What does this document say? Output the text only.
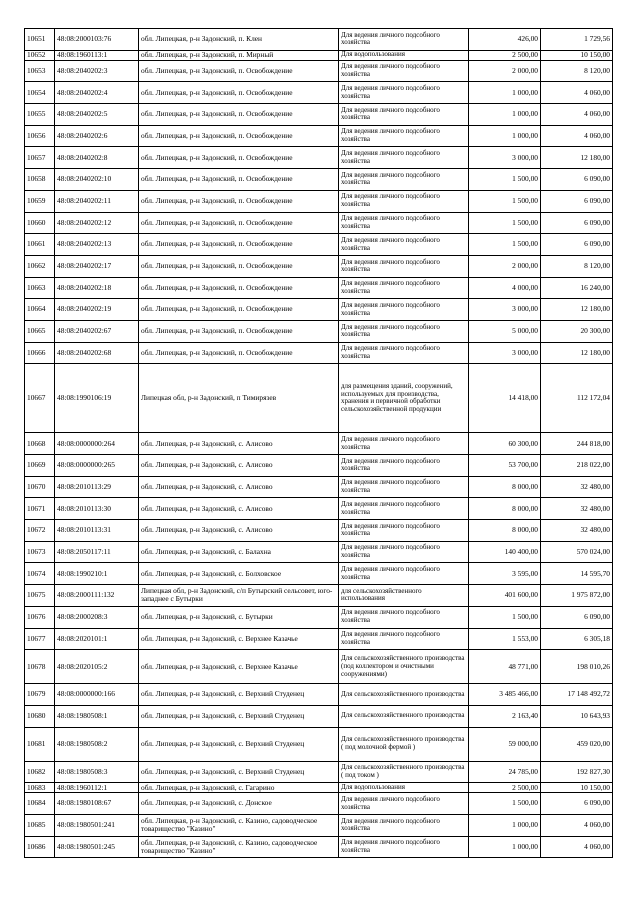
10651	48:08:2000103:76	обл. Липецкая, р-н Задонский, п. Клен	Для ведения личного подсобного хозяйства	426,00	1 729,56
10652	48:08:1960113:1	обл. Липецкая, р-н Задонский, п. Мирный	Для водопользования	2 500,00	10 150,00
10653	48:08:2040202:3	обл. Липецкая, р-н Задонский, п. Освобождение	Для ведения личного подсобного хозяйства	2 000,00	8 120,00
10654	48:08:2040202:4	обл. Липецкая, р-н Задонский, п. Освобождение	Для ведения личного подсобного хозяйства	1 000,00	4 060,00
10655	48:08:2040202:5	обл. Липецкая, р-н Задонский, п. Освобождение	Для ведения личного подсобного хозяйства	1 000,00	4 060,00
10656	48:08:2040202:6	обл. Липецкая, р-н Задонский, п. Освобождение	Для ведения личного подсобного хозяйства	1 000,00	4 060,00
10657	48:08:2040202:8	обл. Липецкая, р-н Задонский, п. Освобождение	Для ведения личного подсобного хозяйства	3 000,00	12 180,00
10658	48:08:2040202:10	обл. Липецкая, р-н Задонский, п. Освобождение	Для ведения личного подсобного хозяйства	1 500,00	6 090,00
10659	48:08:2040202:11	обл. Липецкая, р-н Задонский, п. Освобождение	Для ведения личного подсобного хозяйства	1 500,00	6 090,00
10660	48:08:2040202:12	обл. Липецкая, р-н Задонский, п. Освобождение	Для ведения личного подсобного хозяйства	1 500,00	6 090,00
10661	48:08:2040202:13	обл. Липецкая, р-н Задонский, п. Освобождение	Для ведения личного подсобного хозяйства	1 500,00	6 090,00
10662	48:08:2040202:17	обл. Липецкая, р-н Задонский, п. Освобождение	Для ведения личного подсобного хозяйства	2 000,00	8 120,00
10663	48:08:2040202:18	обл. Липецкая, р-н Задонский, п. Освобождение	Для ведения личного подсобного хозяйства	4 000,00	16 240,00
10664	48:08:2040202:19	обл. Липецкая, р-н Задонский, п. Освобождение	Для ведения личного подсобного хозяйства	3 000,00	12 180,00
10665	48:08:2040202:67	обл. Липецкая, р-н Задонский, п. Освобождение	Для ведения личного подсобного хозяйства	5 000,00	20 300,00
10666	48:08:2040202:68	обл. Липецкая, р-н Задонский, п. Освобождение	Для ведения личного подсобного хозяйства	3 000,00	12 180,00
10667	48:08:1990106:19	Липецкая обл, р-н Задонский, п Тимирязев	для размещения зданий, сооружений, используемых для производства, хранения и первичной обработки сельскохозяйственной продукции	14 418,00	112 172,04
10668	48:08:0000000:264	обл. Липецкая, р-н Задонский, с. Алисово	Для ведения личного подсобного хозяйства	60 300,00	244 818,00
10669	48:08:0000000:265	обл. Липецкая, р-н Задонский, с. Алисово	Для ведения личного подсобного хозяйства	53 700,00	218 022,00
10670	48:08:2010113:29	обл. Липецкая, р-н Задонский, с. Алисово	Для ведения личного подсобного хозяйства	8 000,00	32 480,00
10671	48:08:2010113:30	обл. Липецкая, р-н Задонский, с. Алисово	Для ведения личного подсобного хозяйства	8 000,00	32 480,00
10672	48:08:2010113:31	обл. Липецкая, р-н Задонский, с. Алисово	Для ведения личного подсобного хозяйства	8 000,00	32 480,00
10673	48:08:2050117:11	обл. Липецкая, р-н Задонский, с. Балахна	Для ведения личного подсобного хозяйства	140 400,00	570 024,00
10674	48:08:1990210:1	обл. Липецкая, р-н Задонский, с. Болховское	Для ведения личного подсобного хозяйства	3 595,00	14 595,70
10675	48:08:2000111:132	Липецкая обл, р-н Задонский, с/п Бутырский сельсовет, юго-западнее с Бутырки	для сельскохозяйственного использования	401 600,00	1 975 872,00
10676	48:08:2000208:3	обл. Липецкая, р-н Задонский, с. Бутырки	Для ведения личного подсобного хозяйства	1 500,00	6 090,00
10677	48:08:2020101:1	обл. Липецкая, р-н Задонский, с. Верхнее Казачье	Для ведения личного подсобного хозяйства	1 553,00	6 305,18
10678	48:08:2020105:2	обл. Липецкая, р-н Задонский, с. Верхнее Казачье	Для сельскохозяйственного производства (под коллектором и очистными сооружениями)	48 771,00	198 010,26
10679	48:08:0000000:166	обл. Липецкая, р-н Задонский, с. Верхний Студенец	Для сельскохозяйственного производства	3 485 466,00	17 148 492,72
10680	48:08:1980508:1	обл. Липецкая, р-н Задонский, с. Верхний Студенец	Для сельскохозяйственного производства	2 163,40	10 643,93
10681	48:08:1980508:2	обл. Липецкая, р-н Задонский, с. Верхний Студенец	Для сельскохозяйственного производства ( под молочной фермой )	59 000,00	459 020,00
10682	48:08:1980508:3	обл. Липецкая, р-н Задонский, с. Верхний Студенец	Для сельскохозяйственного производства ( под током )	24 785,00	192 827,30
10683	48:08:1960112:1	обл. Липецкая, р-н Задонский, с. Гагарино	Для водопользования	2 500,00	10 150,00
10684	48:08:1980108:67	обл. Липецкая, р-н Задонский, с. Донское	Для ведения личного подсобного хозяйства	1 500,00	6 090,00
10685	48:08:1980501:241	обл. Липецкая, р-н Задонский, с. Казино, садоводческое товарищество "Казино"	Для ведения личного подсобного хозяйства	1 000,00	4 060,00
10686	48:08:1980501:245	обл. Липецкая, р-н Задонский, с. Казино, садоводческое товарищество "Казино"	Для ведения личного подсобного хозяйства	1 000,00	4 060,00
